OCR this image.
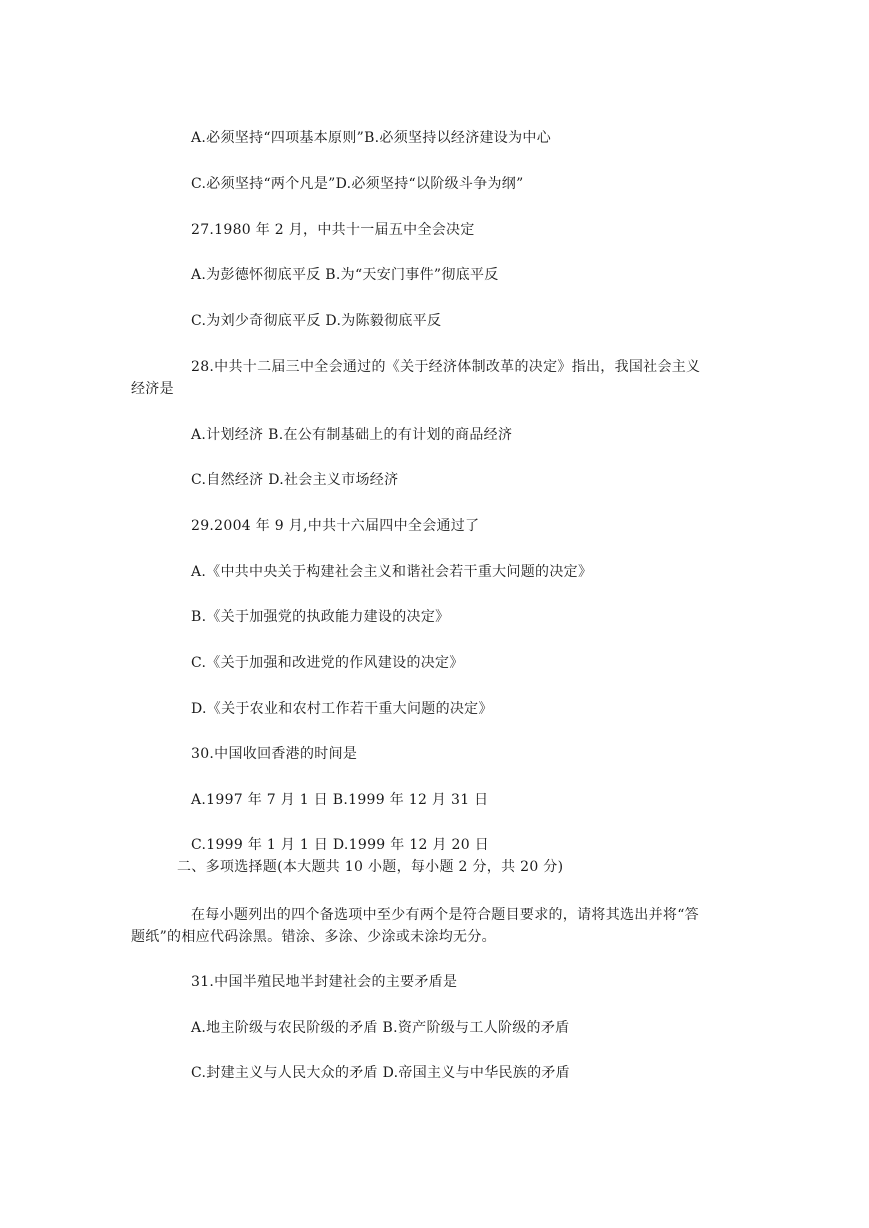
A.必须坚持“四项基本原则”B.必须坚持以经济建设为中心
C.必须坚持“两个凡是”D.必须坚持“以阶级斗争为纲”
27.1980 年 2 月，中共十一届五中全会决定
A.为彭德怀彻底平反 B.为“天安门事件”彻底平反
C.为刘少奇彻底平反 D.为陈毅彻底平反
28.中共十二届三中全会通过的《关于经济体制改革的决定》指出，我国社会主义
经济是
A.计划经济 B.在公有制基础上的有计划的商品经济
C.自然经济 D.社会主义市场经济
29.2004 年 9 月,中共十六届四中全会通过了
A.《中共中央关于构建社会主义和谐社会若干重大问题的决定》
B.《关于加强党的执政能力建设的决定》
C.《关于加强和改进党的作风建设的决定》
D.《关于农业和农村工作若干重大问题的决定》
30.中国收回香港的时间是
A.1997 年 7 月 1 日 B.1999 年 12 月 31 日
C.1999 年 1 月 1 日 D.1999 年 12 月 20 日
二、多项选择题(本大题共 10 小题，每小题 2 分，共 20 分)
在每小题列出的四个备选项中至少有两个是符合题目要求的，请将其选出并将“答
题纸”的相应代码涂黑。错涂、多涂、少涂或未涂均无分。
31.中国半殖民地半封建社会的主要矛盾是
A.地主阶级与农民阶级的矛盾 B.资产阶级与工人阶级的矛盾
C.封建主义与人民大众的矛盾 D.帝国主义与中华民族的矛盾
